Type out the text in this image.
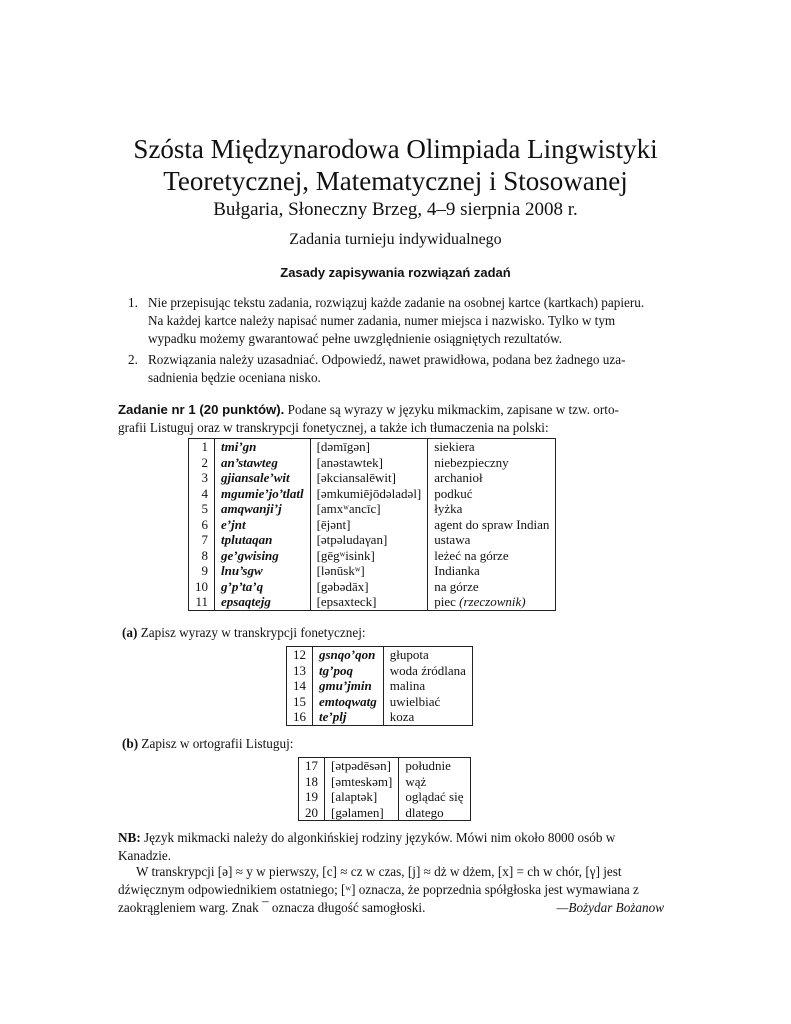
Szósta Międzynarodowa Olimpiada Lingwistyki
Teoretycznej, Matematycznej i Stosowanej
Bułgaria, Słoneczny Brzeg, 4–9 sierpnia 2008 r.
Zadania turnieju indywidualnego
Zasady zapisywania rozwiązań zadań
1. Nie przepisując tekstu zadania, rozwiązuj każde zadanie na osobnej kartce (kartkach) papieru.
Na każdej kartce należy napisać numer zadania, numer miejsca i nazwisko. Tylko w tym
wypadku możemy gwarantować pełne uwzględnienie osiągniętych rezultatów.
2. Rozwiązania należy uzasadniać. Odpowiedź, nawet prawidłowa, podana bez żadnego uza-
sadnienia będzie oceniana nisko.
Zadanie nr 1 (20 punktów). Podane są wyrazy w języku mikmackim, zapisane w tzw. orto-
grafii Listuguj oraz w transkrypcji fonetycznej, a także ich tłumaczenia na polski:
1	tmi’gn	[dəmīgən]	siekiera
2	an’stawteg	[anəstawtek]	niebezpieczny
3	gjiansale’wit	[əkciansalēwit]	archanioł
4	mgumie’jo’tlatl	[əmkumiējōdəladəl]	podkuć
5	amqwanji’j	[amxʷancīc]	łyżka
6	e’jnt	[ējənt]	agent do spraw Indian
7	tplutaqan	[ətpəludaγan]	ustawa
8	ge’gwising	[gēgʷisink]	leżeć na górze
9	lnu’sgw	[lənūskʷ]	Indianka
10	g’p’ta’q	[gəbədāx]	na górze
11	epsaqtejg	[epsaxteck]	piec (rzeczownik)
(a) Zapisz wyrazy w transkrypcji fonetycznej:
12	gsnqo’qon	głupota
13	tg’poq	woda źródlana
14	gmu’jmin	malina
15	emtoqwatg	uwielbiać
16	te’plj	koza
(b) Zapisz w ortografii Listuguj:
17	[ətpədēsən]	południe
18	[əmteskəm]	wąż
19	[alaptək]	oglądać się
20	[gəlamen]	dlatego
NB: Język mikmacki należy do algonkińskiej rodziny języków. Mówi nim około 8000 osób w
Kanadzie.
W transkrypcji [ə] ≈ y w pierwszy, [c] ≈ cz w czas, [j] ≈ dż w dżem, [x] = ch w chór, [γ] jest
dźwięcznym odpowiednikiem ostatniego; [ʷ] oznacza, że poprzednia spółgłoska jest wymawiana z
zaokrągleniem warg. Znak ¯ oznacza długość samogłoski.	—Bożydar Bożanow
